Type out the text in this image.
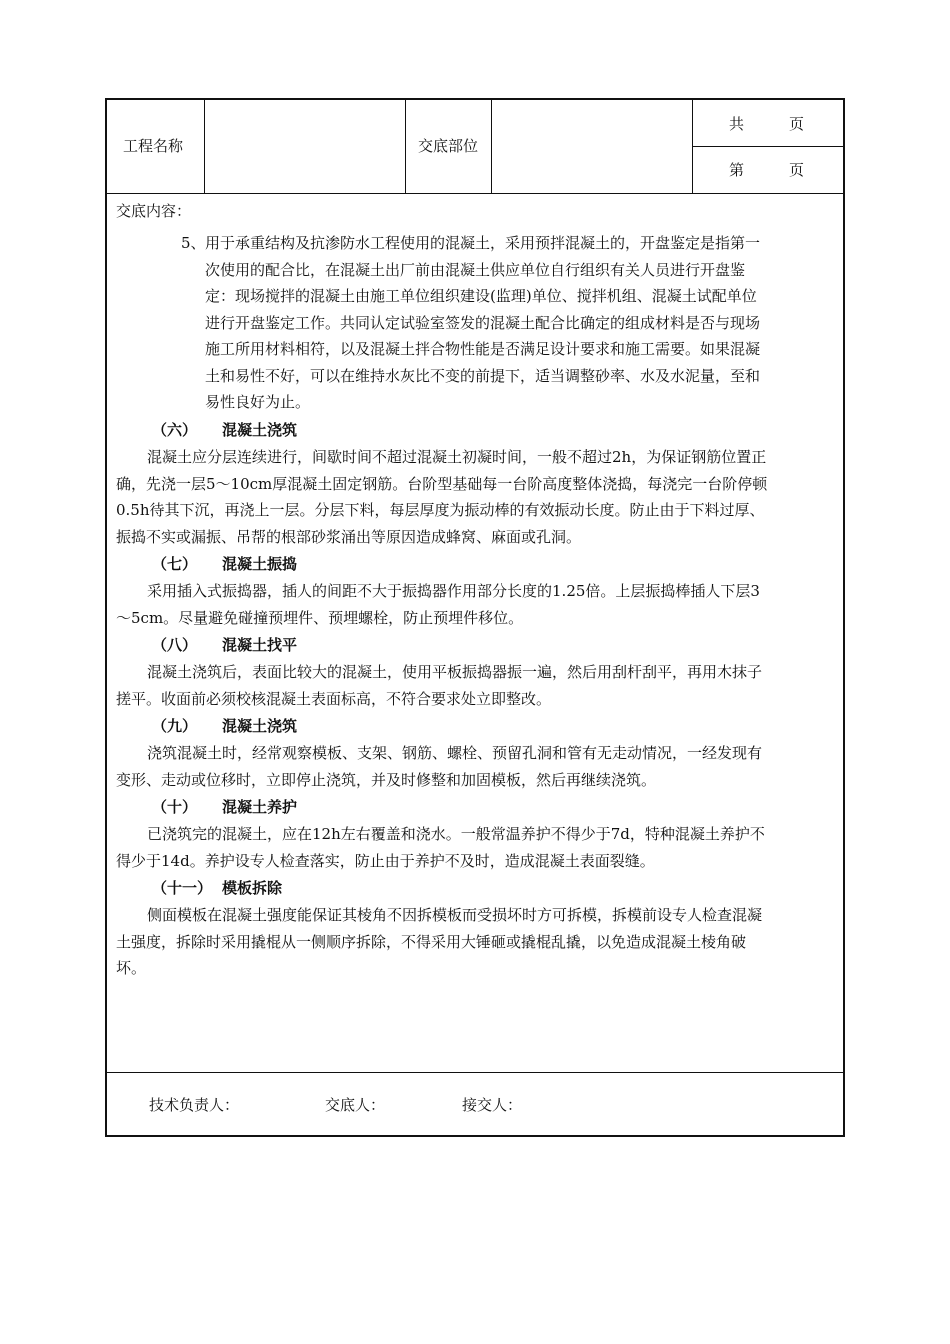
工程名称	交底部位
共　　　页
第　　　页
交底内容：
5、 用于承重结构及抗渗防水工程使用的混凝土，采用预拌混凝土的，开盘鉴定是指第一
次使用的配合比，在混凝土出厂前由混凝土供应单位自行组织有关人员进行开盘鉴
定：现场搅拌的混凝土由施工单位组织建设(监理)单位、搅拌机组、混凝土试配单位
进行开盘鉴定工作。共同认定试验室签发的混凝土配合比确定的组成材料是否与现场
施工所用材料相符，以及混凝土拌合物性能是否满足设计要求和施工需要。如果混凝
土和易性不好，可以在维持水灰比不变的前提下，适当调整砂率、水及水泥量，至和
易性良好为止。
（六） 混凝土浇筑
混凝土应分层连续进行，间歇时间不超过混凝土初凝时间，一般不超过2h，为保证钢筋位置正
确，先浇一层5～10cm厚混凝土固定钢筋。台阶型基础每一台阶高度整体浇捣，每浇完一台阶停顿
0.5h待其下沉，再浇上一层。分层下料，每层厚度为振动棒的有效振动长度。防止由于下料过厚、
振捣不实或漏振、吊帮的根部砂浆涌出等原因造成蜂窝、麻面或孔洞。
（七） 混凝土振捣
采用插入式振捣器，插人的间距不大于振捣器作用部分长度的1.25倍。上层振捣棒插人下层3
～5cm。尽量避免碰撞预埋件、预埋螺栓，防止预埋件移位。
（八） 混凝土找平
混凝土浇筑后，表面比较大的混凝土，使用平板振捣器振一遍，然后用刮杆刮平，再用木抹子
搓平。收面前必须校核混凝土表面标高，不符合要求处立即整改。
（九） 混凝土浇筑
浇筑混凝土时，经常观察模板、支架、钢筋、螺栓、预留孔洞和管有无走动情况，一经发现有
变形、走动或位移时，立即停止浇筑，并及时修整和加固模板，然后再继续浇筑。
（十） 混凝土养护
已浇筑完的混凝土，应在12h左右覆盖和浇水。一般常温养护不得少于7d，特种混凝土养护不
得少于14d。养护设专人检查落实，防止由于养护不及时，造成混凝土表面裂缝。
（十一） 模板拆除
侧面模板在混凝土强度能保证其棱角不因拆模板而受损坏时方可拆模，拆模前设专人检查混凝
土强度，拆除时采用撬棍从一侧顺序拆除，不得采用大锤砸或撬棍乱撬，以免造成混凝土棱角破
坏。
技术负责人：	交底人：	接交人：
